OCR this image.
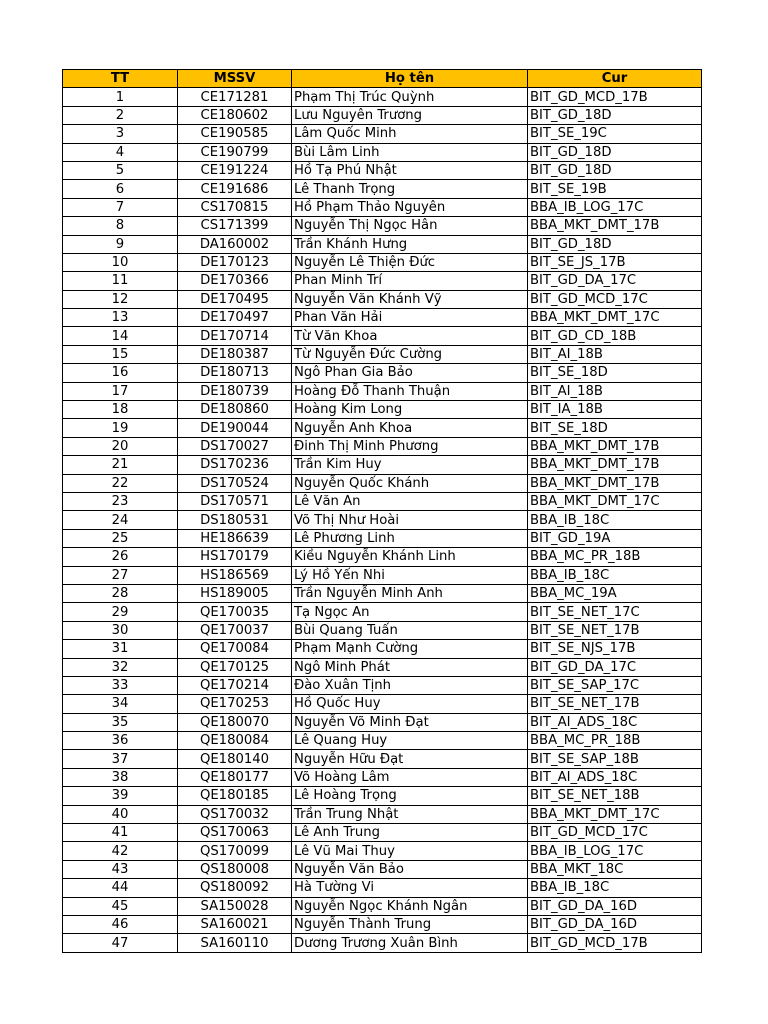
TT	MSSV	Họ tên	Cur
1	CE171281	Phạm Thị Trúc Quỳnh	BIT_GD_MCD_17B
2	CE180602	Lưu Nguyên Trương	BIT_GD_18D
3	CE190585	Lâm Quốc Minh	BIT_SE_19C
4	CE190799	Bùi Lâm Linh	BIT_GD_18D
5	CE191224	Hồ Tạ Phú Nhật	BIT_GD_18D
6	CE191686	Lê Thanh Trọng	BIT_SE_19B
7	CS170815	Hồ Phạm Thảo Nguyên	BBA_IB_LOG_17C
8	CS171399	Nguyễn Thị Ngọc Hân	BBA_MKT_DMT_17B
9	DA160002	Trần Khánh Hưng	BIT_GD_18D
10	DE170123	Nguyễn Lê Thiện Đức	BIT_SE_JS_17B
11	DE170366	Phan Minh Trí	BIT_GD_DA_17C
12	DE170495	Nguyễn Văn Khánh Vỹ	BIT_GD_MCD_17C
13	DE170497	Phan Văn Hải	BBA_MKT_DMT_17C
14	DE170714	Từ Văn Khoa	BIT_GD_CD_18B
15	DE180387	Từ Nguyễn Đức Cường	BIT_AI_18B
16	DE180713	Ngô Phan Gia Bảo	BIT_SE_18D
17	DE180739	Hoàng Đỗ Thanh Thuận	BIT_AI_18B
18	DE180860	Hoàng Kim Long	BIT_IA_18B
19	DE190044	Nguyễn Anh Khoa	BIT_SE_18D
20	DS170027	Đinh Thị Minh Phương	BBA_MKT_DMT_17B
21	DS170236	Trần Kim Huy	BBA_MKT_DMT_17B
22	DS170524	Nguyễn Quốc Khánh	BBA_MKT_DMT_17B
23	DS170571	Lê Văn An	BBA_MKT_DMT_17C
24	DS180531	Võ Thị Như Hoài	BBA_IB_18C
25	HE186639	Lê Phương Linh	BIT_GD_19A
26	HS170179	Kiều Nguyễn Khánh Linh	BBA_MC_PR_18B
27	HS186569	Lý Hồ Yến Nhi	BBA_IB_18C
28	HS189005	Trần Nguyễn Minh Anh	BBA_MC_19A
29	QE170035	Tạ Ngọc An	BIT_SE_NET_17C
30	QE170037	Bùi Quang Tuấn	BIT_SE_NET_17B
31	QE170084	Phạm Mạnh Cường	BIT_SE_NJS_17B
32	QE170125	Ngô Minh Phát	BIT_GD_DA_17C
33	QE170214	Đào Xuân Tịnh	BIT_SE_SAP_17C
34	QE170253	Hồ Quốc Huy	BIT_SE_NET_17B
35	QE180070	Nguyễn Võ Minh Đạt	BIT_AI_ADS_18C
36	QE180084	Lê Quang Huy	BBA_MC_PR_18B
37	QE180140	Nguyễn Hữu Đạt	BIT_SE_SAP_18B
38	QE180177	Võ Hoàng Lâm	BIT_AI_ADS_18C
39	QE180185	Lê Hoàng Trọng	BIT_SE_NET_18B
40	QS170032	Trần Trung Nhật	BBA_MKT_DMT_17C
41	QS170063	Lê Anh Trung	BIT_GD_MCD_17C
42	QS170099	Lê Vũ Mai Thuy	BBA_IB_LOG_17C
43	QS180008	Nguyễn Văn Bảo	BBA_MKT_18C
44	QS180092	Hà Tường Vi	BBA_IB_18C
45	SA150028	Nguyễn Ngọc Khánh Ngân	BIT_GD_DA_16D
46	SA160021	Nguyễn Thành Trung	BIT_GD_DA_16D
47	SA160110	Dương Trương Xuân Bình	BIT_GD_MCD_17B
